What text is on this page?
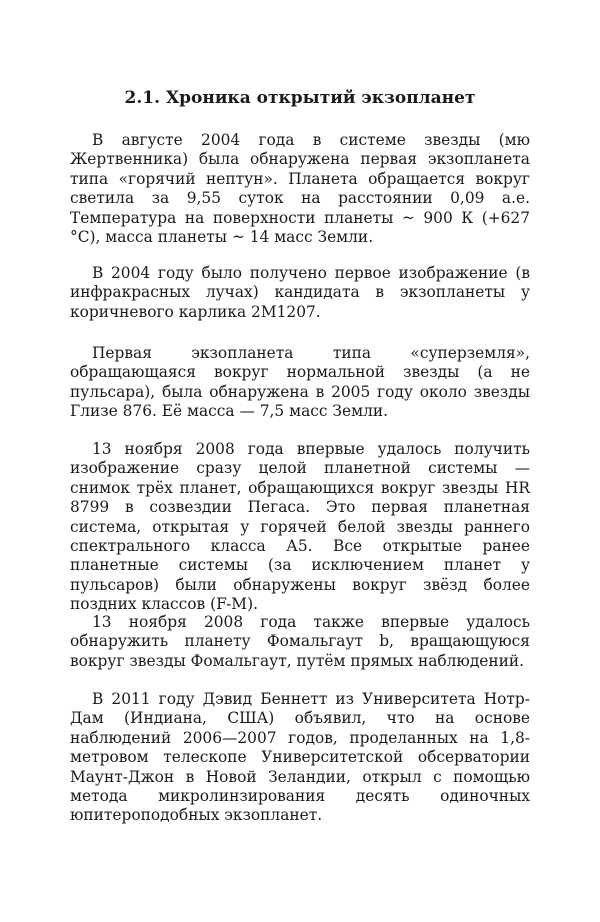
2.1. Хроника открытий экзопланет

В августе 2004 года в системе звезды (мю Жертвенника) была обнаружена первая экзопланета типа «горячий нептун». Планета обращается вокруг светила за 9,55 суток на расстоянии 0,09 а.е. Температура на поверхности планеты ~ 900 К (+627 °C), масса планеты ~ 14 масс Земли.

В 2004 году было получено первое изображение (в инфракрасных лучах) кандидата в экзопланеты у коричневого карлика 2M1207.

Первая экзопланета типа «суперземля», обращающаяся вокруг нормальной звезды (а не пульсара), была обнаружена в 2005 году около звезды Глизе 876. Её масса — 7,5 масс Земли.

13 ноября 2008 года впервые удалось получить изображение сразу целой планетной системы — снимок трёх планет, обращающихся вокруг звезды HR 8799 в созвездии Пегаса. Это первая планетная система, открытая у горячей белой звезды раннего спектрального класса А5. Все открытые ранее планетные системы (за исключением планет у пульсаров) были обнаружены вокруг звёзд более поздних классов (F-M).

13 ноября 2008 года также впервые удалось обнаружить планету Фомальгаут b, вращающуюся вокруг звезды Фомальгаут, путём прямых наблюдений.

В 2011 году Дэвид Беннетт из Университета Нотр-Дам (Индиана, США) объявил, что на основе наблюдений 2006—2007 годов, проделанных на 1,8-метровом телескопе Университетской обсерватории Маунт-Джон в Новой Зеландии, открыл с помощью метода микролинзирования десять одиночных юпитероподобных экзопланет.
